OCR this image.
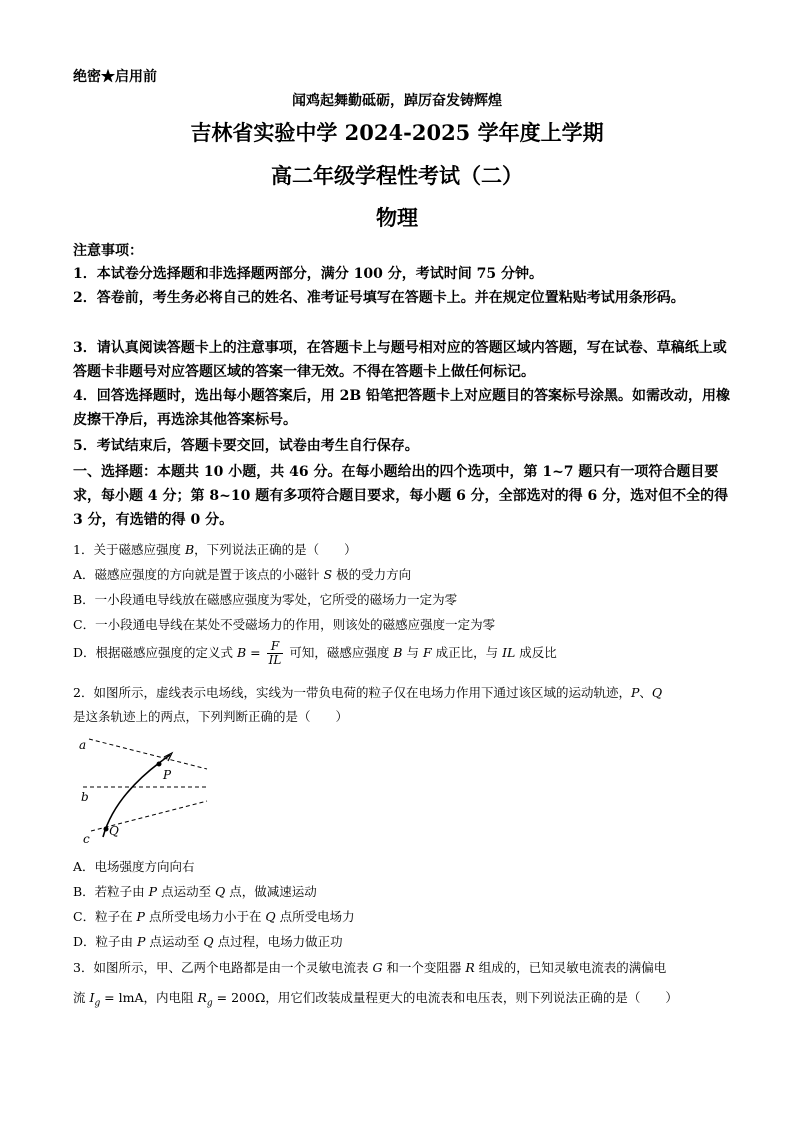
绝密★启用前
闻鸡起舞勤砥砺，踔厉奋发铸辉煌
吉林省实验中学 2024-2025 学年度上学期
高二年级学程性考试（二）
物理
注意事项：
1．本试卷分选择题和非选择题两部分，满分 100 分，考试时间 75 分钟。
2．答卷前，考生务必将自己的姓名、准考证号填写在答题卡上。并在规定位置粘贴考试用条形码。
3．请认真阅读答题卡上的注意事项，在答题卡上与题号相对应的答题区域内答题，写在试卷、草稿纸上或答题卡非题号对应答题区域的答案一律无效。不得在答题卡上做任何标记。
4．回答选择题时，选出每小题答案后，用 2B 铅笔把答题卡上对应题目的答案标号涂黑。如需改动，用橡皮擦干净后，再选涂其他答案标号。
5．考试结束后，答题卡要交回，试卷由考生自行保存。
一、选择题：本题共 10 小题，共 46 分。在每小题给出的四个选项中，第 1~7 题只有一项符合题目要求，每小题 4 分；第 8~10 题有多项符合题目要求，每小题 6 分，全部选对的得 6 分，选对但不全的得 3 分，有选错的得 0 分。
1．关于磁感应强度 B，下列说法正确的是（　　）
A．磁感应强度的方向就是置于该点的小磁针 S 极的受力方向
B．一小段通电导线放在磁感应强度为零处，它所受的磁场力一定为零
C．一小段通电导线在某处不受磁场力的作用，则该处的磁感应强度一定为零
D．根据磁感应强度的定义式 $B = \frac{F}{IL}$ 可知，磁感应强度 B 与 F 成正比，与 IL 成反比
2．如图所示，虚线表示电场线，实线为一带负电荷的粒子仅在电场力作用下通过该区域的运动轨迹，P、Q
是这条轨迹上的两点，下列判断正确的是（　　）
a
b
c
P
Q
A．电场强度方向向右
B．若粒子由 P 点运动至 Q 点，做减速运动
C．粒子在 P 点所受电场力小于在 Q 点所受电场力
D．粒子由 P 点运动至 Q 点过程，电场力做正功
3．如图所示，甲、乙两个电路都是由一个灵敏电流表 G 和一个变阻器 R 组成的，已知灵敏电流表的满偏电
流 $I_g$ = lmA，内电阻 $R_g = 200\Omega$，用它们改装成量程更大的电流表和电压表，则下列说法正确的是（　　）
